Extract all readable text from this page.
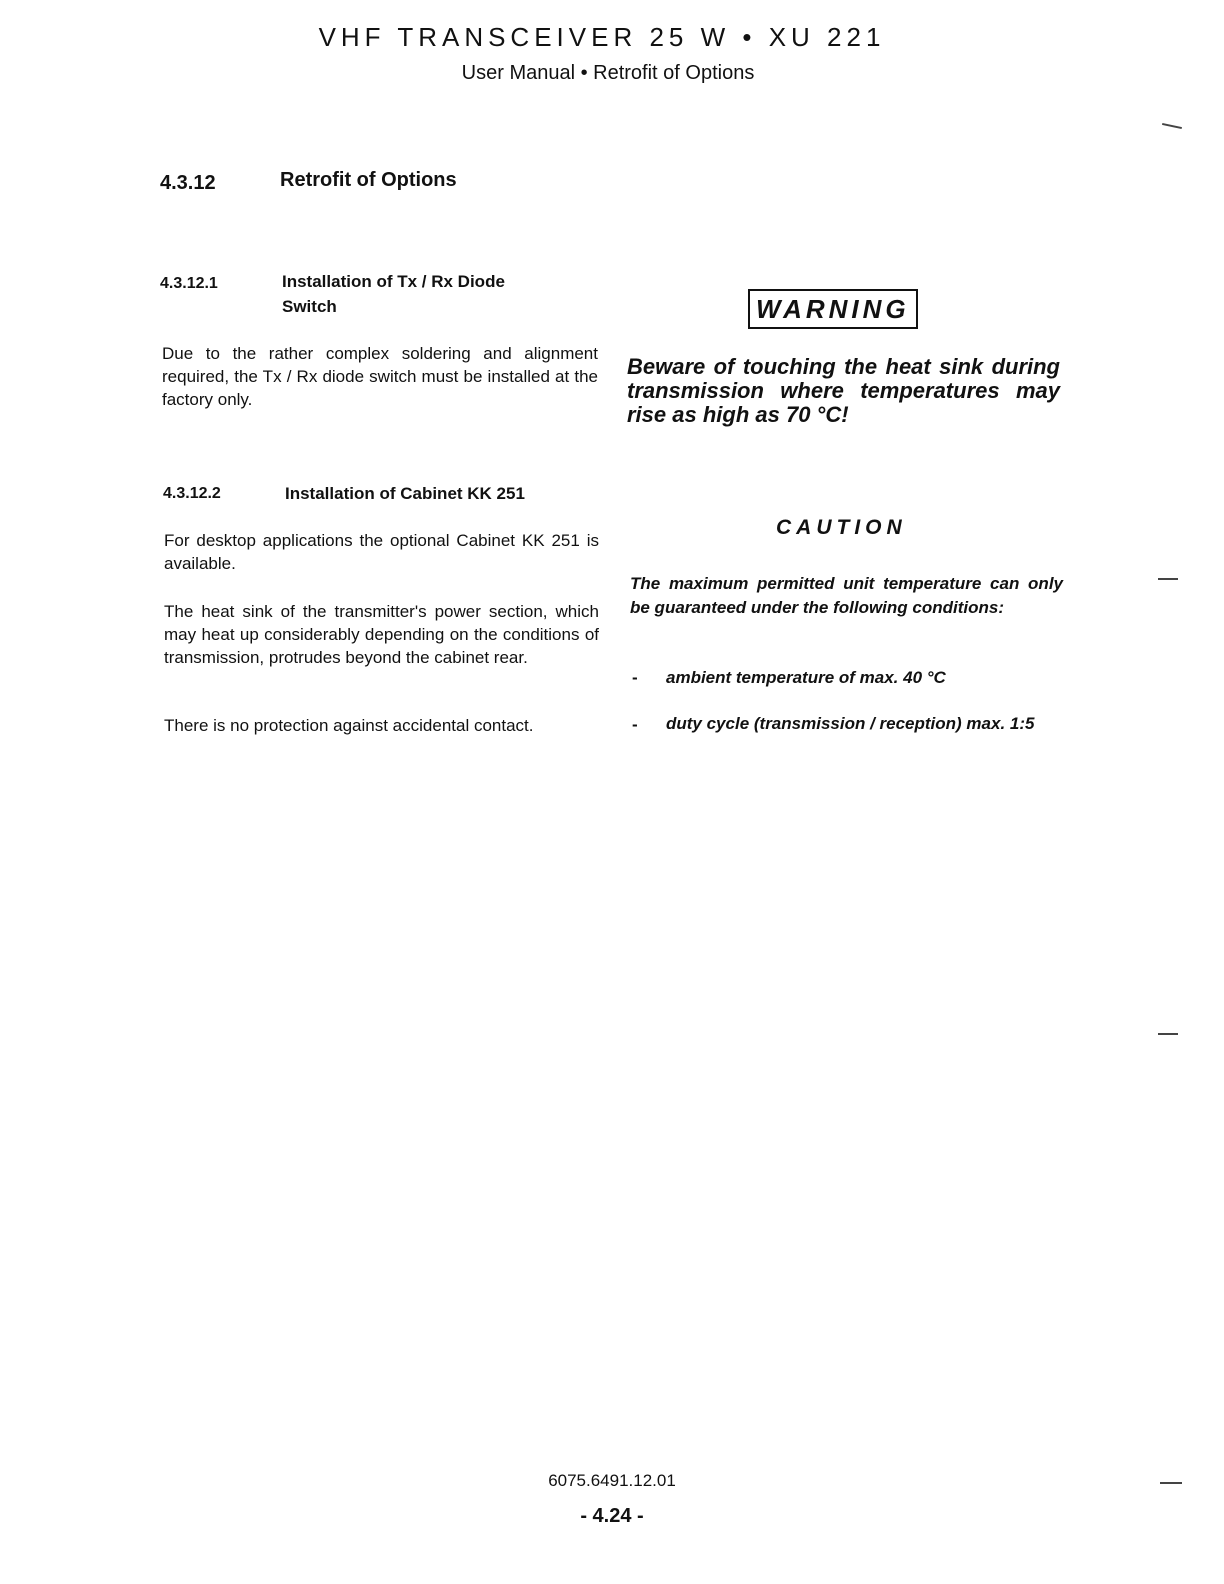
VHF TRANSCEIVER 25 W • XU 221
User Manual • Retrofit of Options
4.3.12	Retrofit of Options
4.3.12.1	Installation of Tx / Rx Diode
Switch
Due to the rather complex soldering and alignment required, the Tx / Rx diode switch must be installed at the factory only.
4.3.12.2	Installation of Cabinet KK 251
For desktop applications the optional Cabinet KK 251 is available.
The heat sink of the transmitter's power section, which may heat up considerably depending on the conditions of transmission, protrudes beyond the cabinet rear.
There is no protection against accidental contact.
WARNING
Beware of touching the heat sink during transmission where temperatures may rise as high as 70 °C!
CAUTION
The maximum permitted unit temperature can only be guaranteed under the following conditions:
- ambient temperature of max. 40 °C
- duty cycle (transmission / reception) max. 1:5
6075.6491.12.01
- 4.24 -
